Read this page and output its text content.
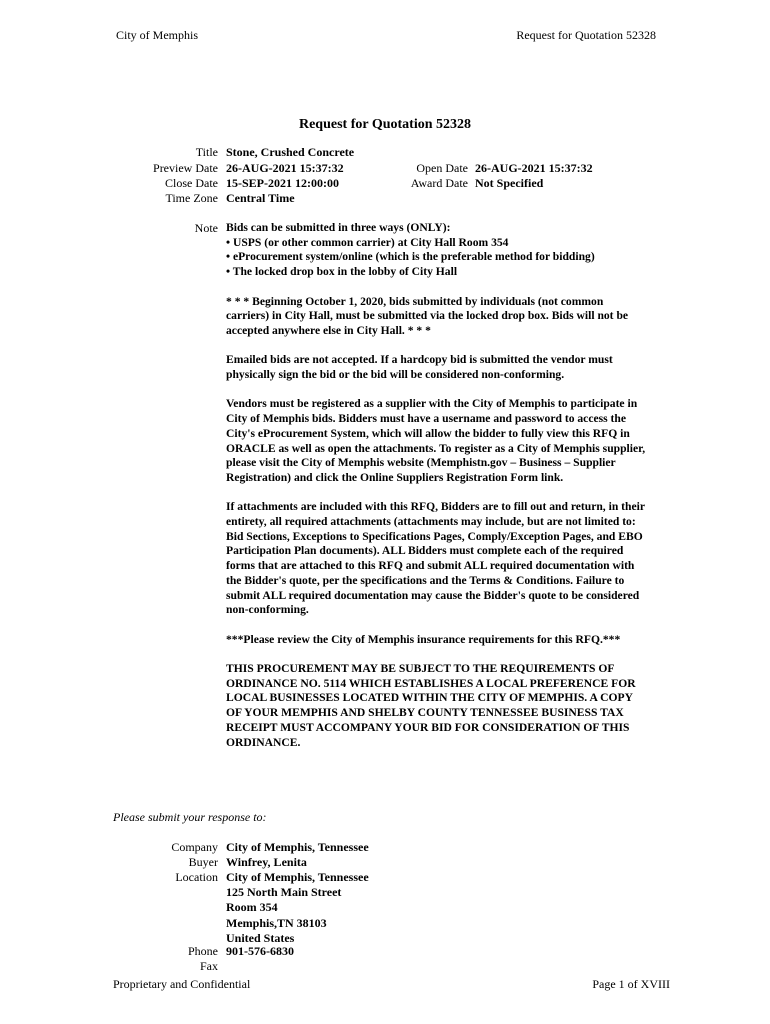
City of Memphis	Request for Quotation 52328
Request for Quotation 52328
Title Stone, Crushed Concrete
Preview Date 26-AUG-2021 15:37:32
Close Date 15-SEP-2021 12:00:00
Time Zone Central Time
Open Date 26-AUG-2021 15:37:32
Award Date Not Specified
Note Bids can be submitted in three ways (ONLY):
• USPS (or other common carrier) at City Hall Room 354
• eProcurement system/online (which is the preferable method for bidding)

• The locked drop box in the lobby of City Hall

* * * Beginning October 1, 2020, bids submitted by individuals (not common carriers) in City Hall, must be submitted via the locked drop box. Bids will not be accepted anywhere else in City Hall. * * *

Emailed bids are not accepted. If a hardcopy bid is submitted the vendor must physically sign the bid or the bid will be considered non-conforming.

Vendors must be registered as a supplier with the City of Memphis to participate in City of Memphis bids. Bidders must have a username and password to access the City's eProcurement System, which will allow the bidder to fully view this RFQ in ORACLE as well as open the attachments. To register as a City of Memphis supplier, please visit the City of Memphis website (Memphistn.gov – Business – Supplier Registration) and click the Online Suppliers Registration Form link.

If attachments are included with this RFQ, Bidders are to fill out and return, in their entirety, all required attachments (attachments may include, but are not limited to: Bid Sections, Exceptions to Specifications Pages, Comply/Exception Pages, and EBO Participation Plan documents). ALL Bidders must complete each of the required forms that are attached to this RFQ and submit ALL required documentation with the Bidder's quote, per the specifications and the Terms & Conditions. Failure to submit ALL required documentation may cause the Bidder's quote to be considered non-conforming.

***Please review the City of Memphis insurance requirements for this RFQ.***

THIS PROCUREMENT MAY BE SUBJECT TO THE REQUIREMENTS OF ORDINANCE NO. 5114 WHICH ESTABLISHES A LOCAL PREFERENCE FOR LOCAL BUSINESSES LOCATED WITHIN THE CITY OF MEMPHIS. A COPY OF YOUR MEMPHIS AND SHELBY COUNTY TENNESSEE BUSINESS TAX RECEIPT MUST ACCOMPANY YOUR BID FOR CONSIDERATION OF THIS ORDINANCE.

Please submit your response to:
Company City of Memphis, Tennessee
Buyer Winfrey, Lenita
Location City of Memphis, Tennessee
125 North Main Street
Room 354
Memphis,TN 38103
United States
Phone 901-576-6830
Fax
Proprietary and Confidential	Page 1 of XVIII
